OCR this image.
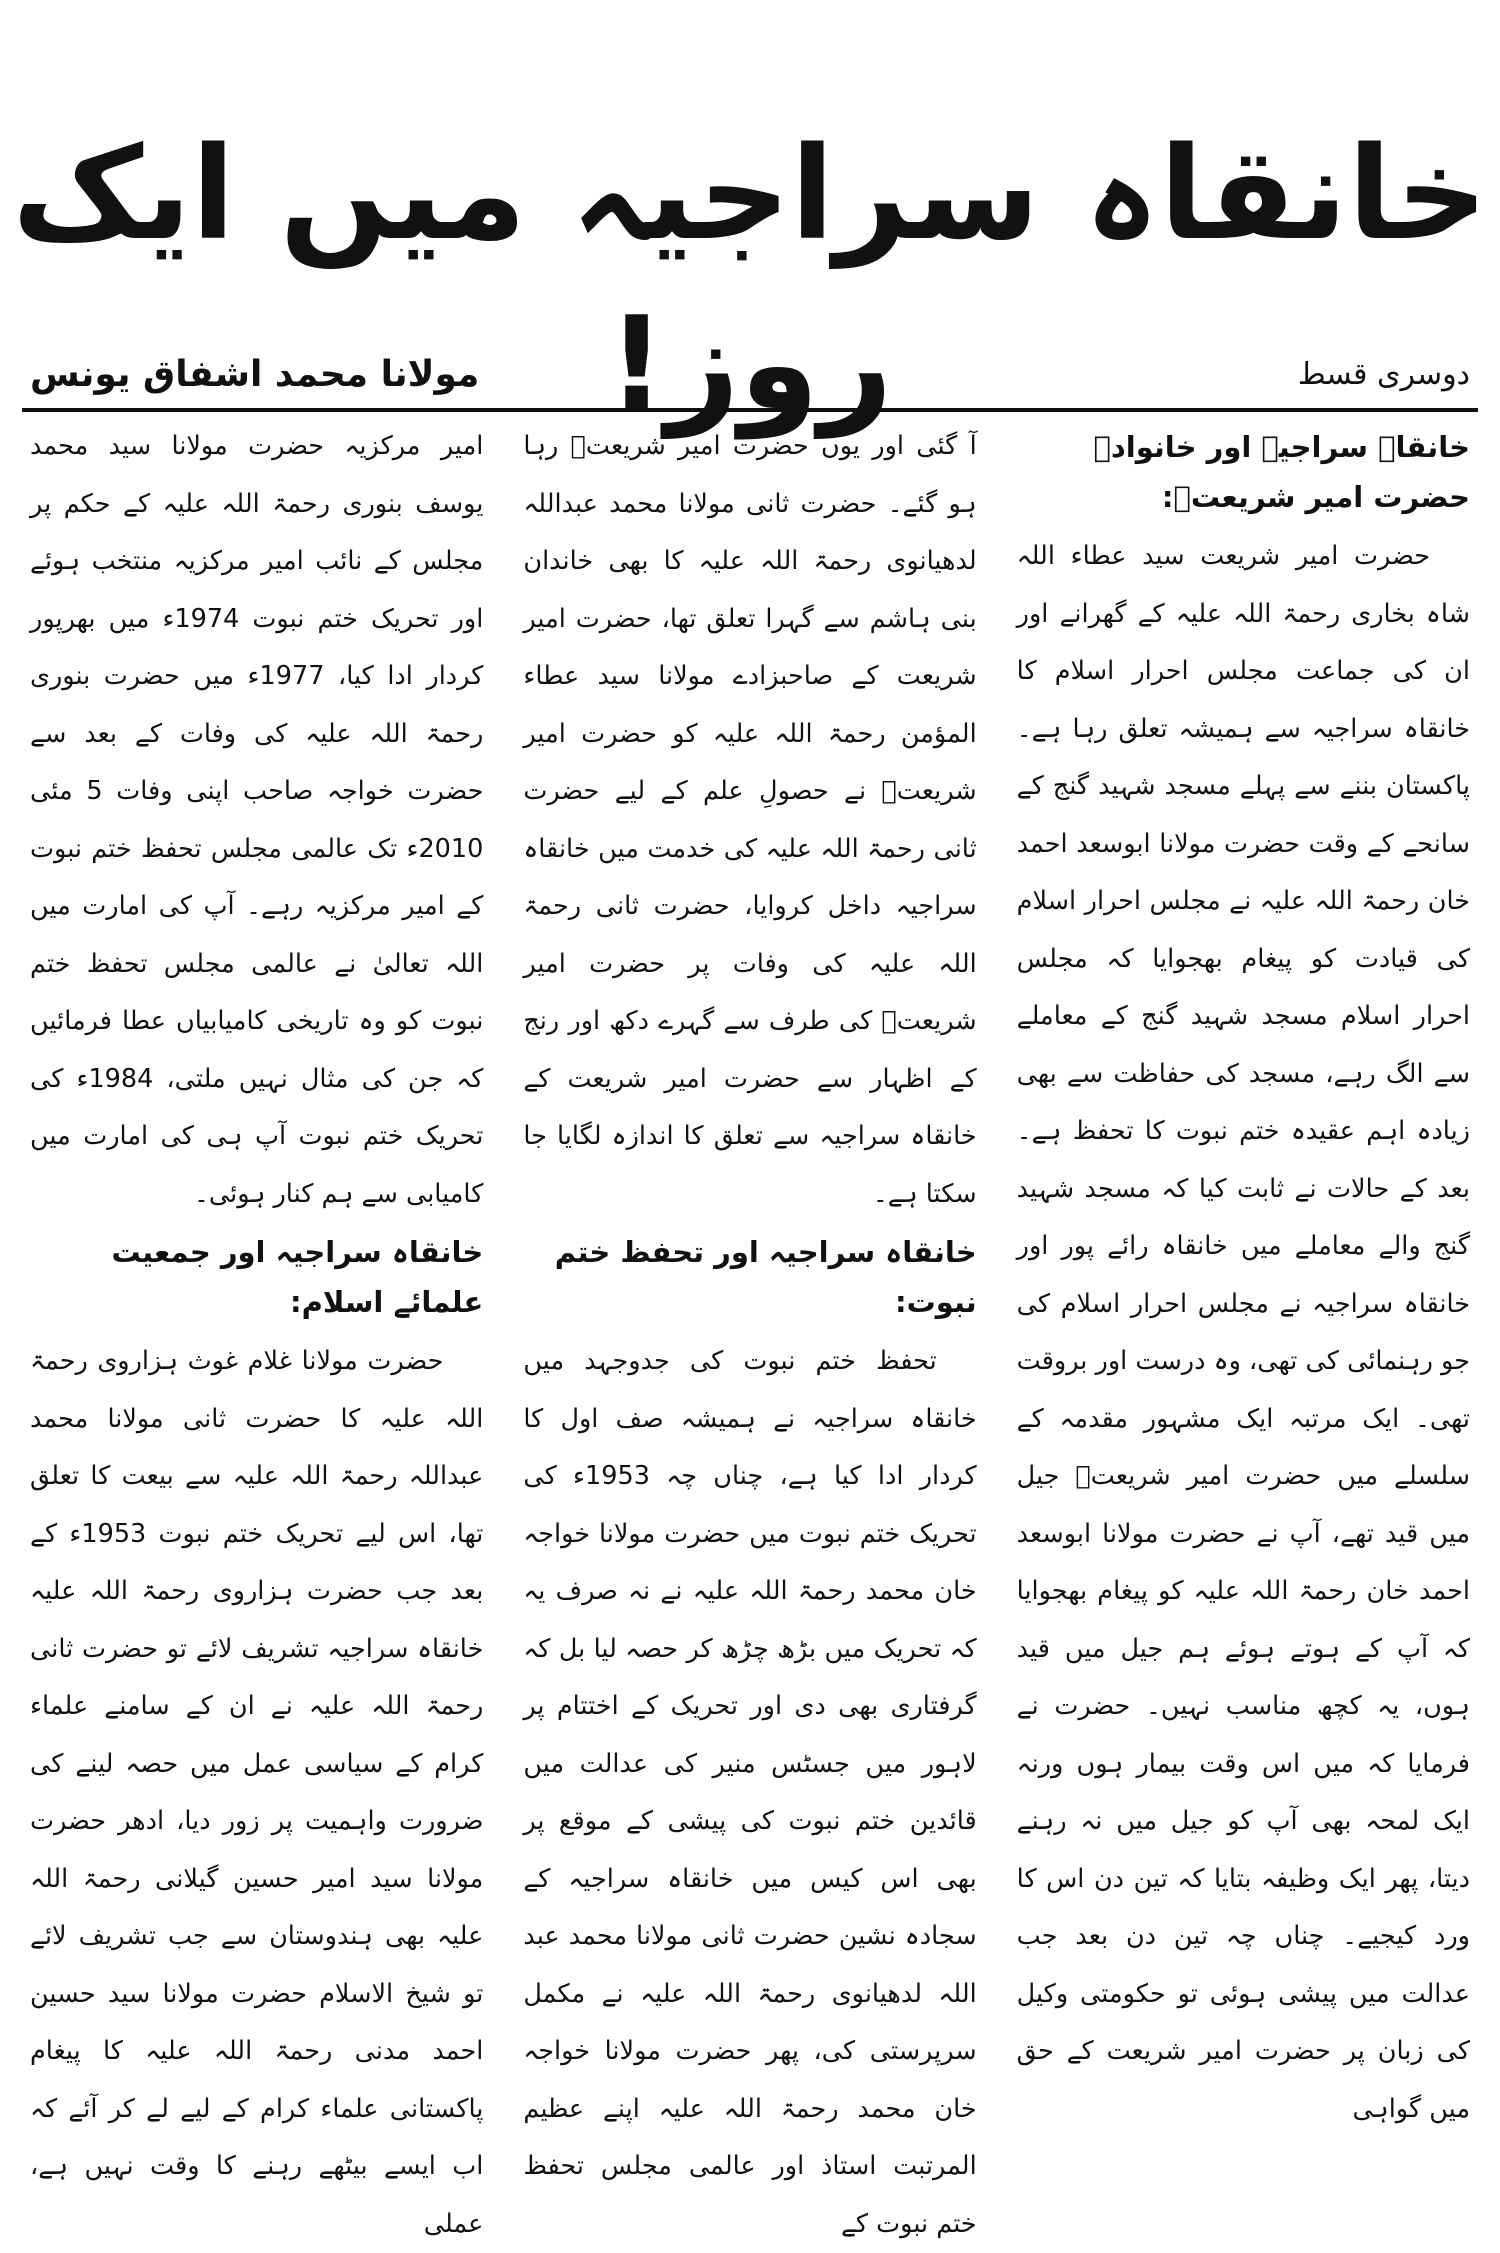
خانقاہ سراجیہ میں ایک روز!
مولانا محمد اشفاق یونس	دوسری قسط
خانقاہ سراجیہ اور خانوادہ حضرت امیر شریعتؒ:

حضرت امیر شریعت سید عطاء اللہ شاہ بخاری رحمۃ اللہ علیہ کے گھرانے اور ان کی جماعت مجلس احرار اسلام کا خانقاہ سراجیہ سے ہمیشہ تعلق رہا ہے۔ پاکستان بننے سے پہلے مسجد شہید گنج کے سانحے کے وقت حضرت مولانا ابوسعد احمد خان رحمۃ اللہ علیہ نے مجلس احرار اسلام کی قیادت کو پیغام بھجوایا کہ مجلس احرار اسلام مسجد شہید گنج کے معاملے سے الگ رہے، مسجد کی حفاظت سے بھی زیادہ اہم عقیدہ ختم نبوت کا تحفظ ہے۔ بعد کے حالات نے ثابت کیا کہ مسجد شہید گنج والے معاملے میں خانقاہ رائے پور اور خانقاہ سراجیہ نے مجلس احرار اسلام کی جو رہنمائی کی تھی، وہ درست اور بروقت تھی۔ ایک مرتبہ ایک مشہور مقدمہ کے سلسلے میں حضرت امیر شریعتؒ جیل میں قید تھے، آپ نے حضرت مولانا ابوسعد احمد خان رحمۃ اللہ علیہ کو پیغام بھجوایا کہ آپ کے ہوتے ہوئے ہم جیل میں قید ہوں، یہ کچھ مناسب نہیں۔ حضرت نے فرمایا کہ میں اس وقت بیمار ہوں ورنہ ایک لمحہ بھی آپ کو جیل میں نہ رہنے دیتا، پھر ایک وظیفہ بتایا کہ تین دن اس کا ورد کیجیے۔ چناں چہ تین دن بعد جب عدالت میں پیشی ہوئی تو حکومتی وکیل کی زبان پر حضرت امیر شریعت کے حق میں گواہی

آ گئی اور یوں حضرت امیر شریعتؒ رہا ہو گئے۔ حضرت ثانی مولانا محمد عبداللہ لدھیانوی رحمۃ اللہ علیہ کا بھی خاندان بنی ہاشم سے گہرا تعلق تھا، حضرت امیر شریعت کے صاحبزادے مولانا سید عطاء المؤمن رحمۃ اللہ علیہ کو حضرت امیر شریعتؒ نے حصولِ علم کے لیے حضرت ثانی رحمۃ اللہ علیہ کی خدمت میں خانقاہ سراجیہ داخل کروایا، حضرت ثانی رحمۃ اللہ علیہ کی وفات پر حضرت امیر شریعتؒ کی طرف سے گہرے دکھ اور رنج کے اظہار سے حضرت امیر شریعت کے خانقاہ سراجیہ سے تعلق کا اندازہ لگایا جا سکتا ہے۔

خانقاہ سراجیہ اور تحفظ ختم نبوت:

تحفظ ختم نبوت کی جدوجہد میں خانقاہ سراجیہ نے ہمیشہ صف اول کا کردار ادا کیا ہے، چناں چہ 1953ء کی تحریک ختم نبوت میں حضرت مولانا خواجہ خان محمد رحمۃ اللہ علیہ نے نہ صرف یہ کہ تحریک میں بڑھ چڑھ کر حصہ لیا بل کہ گرفتاری بھی دی اور تحریک کے اختتام پر لاہور میں جسٹس منیر کی عدالت میں قائدین ختم نبوت کی پیشی کے موقع پر بھی اس کیس میں خانقاہ سراجیہ کے سجادہ نشین حضرت ثانی مولانا محمد عبد اللہ لدھیانوی رحمۃ اللہ علیہ نے مکمل سرپرستی کی، پھر حضرت مولانا خواجہ خان محمد رحمۃ اللہ علیہ اپنے عظیم المرتبت استاذ اور عالمی مجلس تحفظ ختم نبوت کے

امیر مرکزیہ حضرت مولانا سید محمد یوسف بنوری رحمۃ اللہ علیہ کے حکم پر مجلس کے نائب امیر مرکزیہ منتخب ہوئے اور تحریک ختم نبوت 1974ء میں بھرپور کردار ادا کیا، 1977ء میں حضرت بنوری رحمۃ اللہ علیہ کی وفات کے بعد سے حضرت خواجہ صاحب اپنی وفات 5 مئی 2010ء تک عالمی مجلس تحفظ ختم نبوت کے امیر مرکزیہ رہے۔ آپ کی امارت میں اللہ تعالیٰ نے عالمی مجلس تحفظ ختم نبوت کو وہ تاریخی کامیابیاں عطا فرمائیں کہ جن کی مثال نہیں ملتی، 1984ء کی تحریک ختم نبوت آپ ہی کی امارت میں کامیابی سے ہم کنار ہوئی۔

خانقاہ سراجیہ اور جمعیت علمائے اسلام:

حضرت مولانا غلام غوث ہزاروی رحمۃ اللہ علیہ کا حضرت ثانی مولانا محمد عبداللہ رحمۃ اللہ علیہ سے بیعت کا تعلق تھا، اس لیے تحریک ختم نبوت 1953ء کے بعد جب حضرت ہزاروی رحمۃ اللہ علیہ خانقاہ سراجیہ تشریف لائے تو حضرت ثانی رحمۃ اللہ علیہ نے ان کے سامنے علماء کرام کے سیاسی عمل میں حصہ لینے کی ضرورت واہمیت پر زور دیا، ادھر حضرت مولانا سید امیر حسین گیلانی رحمۃ اللہ علیہ بھی ہندوستان سے جب تشریف لائے تو شیخ الاسلام حضرت مولانا سید حسین احمد مدنی رحمۃ اللہ علیہ کا پیغام پاکستانی علماء کرام کے لیے لے کر آئے کہ اب ایسے بیٹھے رہنے کا وقت نہیں ہے، عملی
